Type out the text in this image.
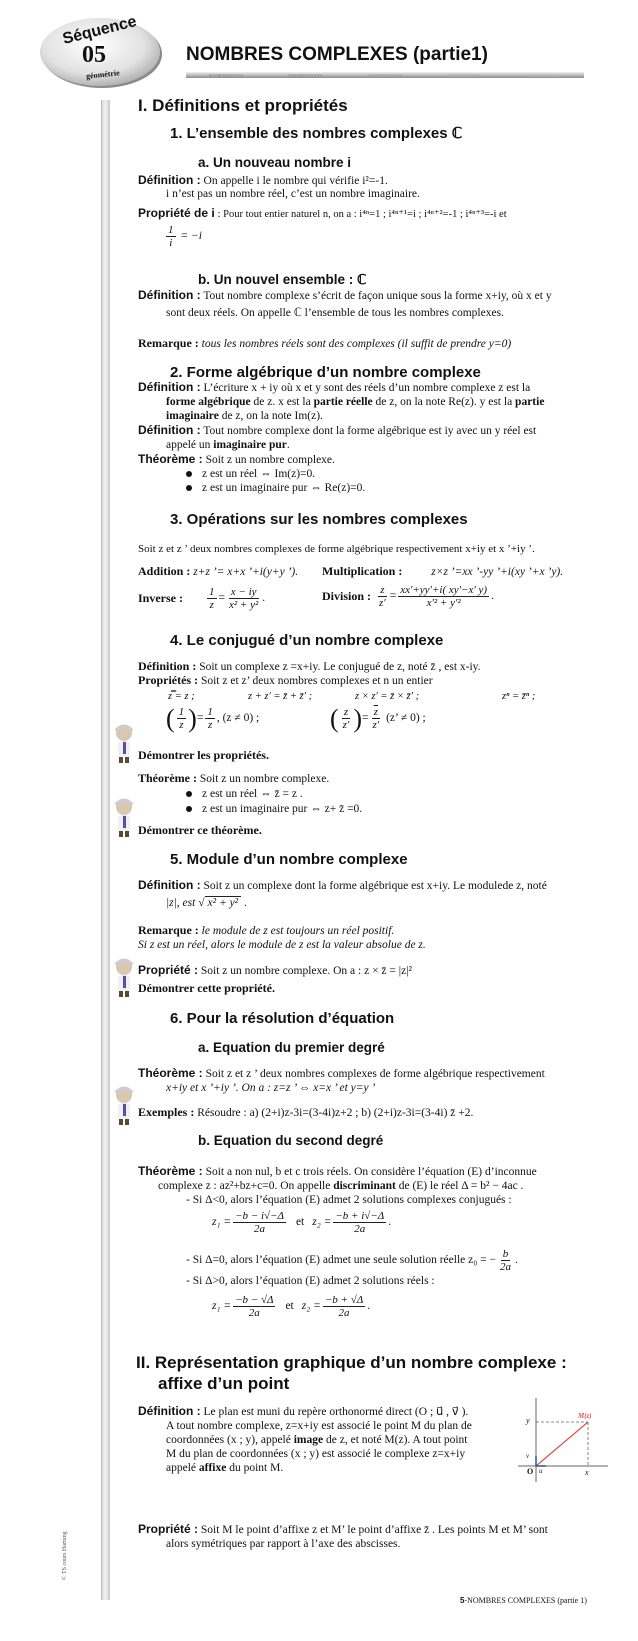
Séquence
05
géométrie
NOMBRES COMPLEXES (partie1)
MATHEMATIQUES	MATHEMATIQUES	MATHEMATIQUES	MATHEMATIQUES	MATHEMATIQUES
© TS cours Hartung
I. Définitions et propriétés
1. L’ensemble des nombres complexes ℂ
a. Un nouveau nombre i
Définition : On appelle i le nombre qui vérifie i²=-1.
i n’est pas un nombre réel, c’est un nombre imaginaire.
Propriété de i : Pour tout entier naturel n, on a : i⁴ⁿ=1 ; i⁴ⁿ⁺¹=i ; i⁴ⁿ⁺²=-1 ; i⁴ⁿ⁺³=-i et
$\frac{1}{i} = -i$
b. Un nouvel ensemble : ℂ
Définition : Tout nombre complexe s’écrit de façon unique sous la forme x+iy, où x et y
sont deux réels. On appelle ℂ l’ensemble de tous les nombres complexes.
Remarque : tous les nombres réels sont des complexes (il suffit de prendre y=0)
2. Forme algébrique d’un nombre complexe
Définition : L’écriture x + iy où x et y sont des réels d’un nombre complexe z est la
forme algébrique de z. x est la partie réelle de z, on la note Re(z). y est la partie
imaginaire de z, on la note Im(z).
Définition : Tout nombre complexe dont la forme algébrique est iy avec un y réel est
appelé un imaginaire pur.
Théorème : Soit z un nombre complexe.
z est un réel ⇔ Im(z)=0.
z est un imaginaire pur ⇔ Re(z)=0.
3. Opérations sur les nombres complexes
Soit z et z ’ deux nombres complexes de forme algébrique respectivement x+iy et x ’+iy ’.
Addition : z+z ’= x+x ’+i(y+y ’). Multiplication :	z×z ’=xx ’-yy ’+i(xy ’+x ’y).
Inverse : $\frac{1}{z} = \frac{x - iy}{\text{x² + y²}}$ .	Division : $\frac{z}{z'} = \frac{xx'+yy'+i( xy'-x' y)}{\text{x′² + y′²}}$ .
4. Le conjugué d’un nombre complexe
Définition : Soit un complexe z =x+iy. Le conjugué de z, noté z̄ , est x-iy.
Propriétés : Soit z et z’ deux nombres complexes et n un entier
z̿ = z ;	z + z′ = z̄ + z̄′ ;	z × z′ = z̄ × z̄′ ;	zⁿ = z̄ⁿ ;
( $\frac{1}{z}$ ) = $\frac{1}{z}$ , (z ≠ 0) ;	( $\frac{z}{z'}$ ) = $\frac{\overline{z}}{z'}$
(z’ ≠ 0) ;
Démontrer les propriétés.
Théorème : Soit z un nombre complexe.
z est un réel ⇔ z̄ = z .
z est un imaginaire pur ⇔ z+ z̄ =0.
Démontrer ce théorème.
5. Module d’un nombre complexe
Définition : Soit z un complexe dont la forme algébrique est x+iy. Le modulede z, noté
|z|, est √ x² + y² .
Remarque : le module de z est toujours un réel positif.
Si z est un réel, alors le module de z est la valeur absolue de z.
Propriété : Soit z un nombre complexe. On a : z × z̄ = |z|²
Démontrer cette propriété.
6. Pour la résolution d’équation
a. Equation du premier degré
Théorème : Soit z et z ’ deux nombres complexes de forme algébrique respectivement
x+iy et x ’+iy ’. On a : z=z ’ ⇔ x=x ’ et y=y ’
Exemples : Résoudre : a) (2+i)z-3i=(3-4i)z+2 ; b) (2+i)z-3i=(3-4i) z̄ +2.
b. Equation du second degré
Théorème : Soit a non nul, b et c trois réels. On considère l’équation (E) d’inconnue
complexe z : az²+bz+c=0. On appelle discriminant de (E) le réel Δ = b² − 4ac .
- Si Δ<0, alors l’équation (E) admet 2 solutions complexes conjugués :
$z_1 = \frac{-b - i√-\Delta}{2a}$ et $z_2 = \frac{-b + i√-\Delta}{2a}$ .
- Si Δ=0, alors l’équation (E) admet une seule solution réelle z₀ = − $\frac{b}{2a}$ .
- Si Δ>0, alors l’équation (E) admet 2 solutions réels :
$z_1 = \frac{-b - √\Delta}{2a}$ et $z_2 = \frac{-b + √\Delta}{2a}$ .
II. Représentation graphique d’un nombre complexe :
affixe d’un point
Définition : Le plan est muni du repère orthonormé direct (O ; u⃗ , v⃗ ).
A tout nombre complexe, z=x+iy est associé le point M du plan de
coordonnées (x ; y), appelé image de z, et noté M(z). A tout point
M du plan de coordonnées (x ; y) est associé le complexe z=x+iy
appelé affixe du point M.
M(z)
y
x
O u⃗
v⃗
Propriété : Soit M le point d’affixe z et M’ le point d’affixe z̄ . Les points M et M’ sont
alors symétriques par rapport à l’axe des abscisses.
5-NOMBRES COMPLEXES (partie 1)
